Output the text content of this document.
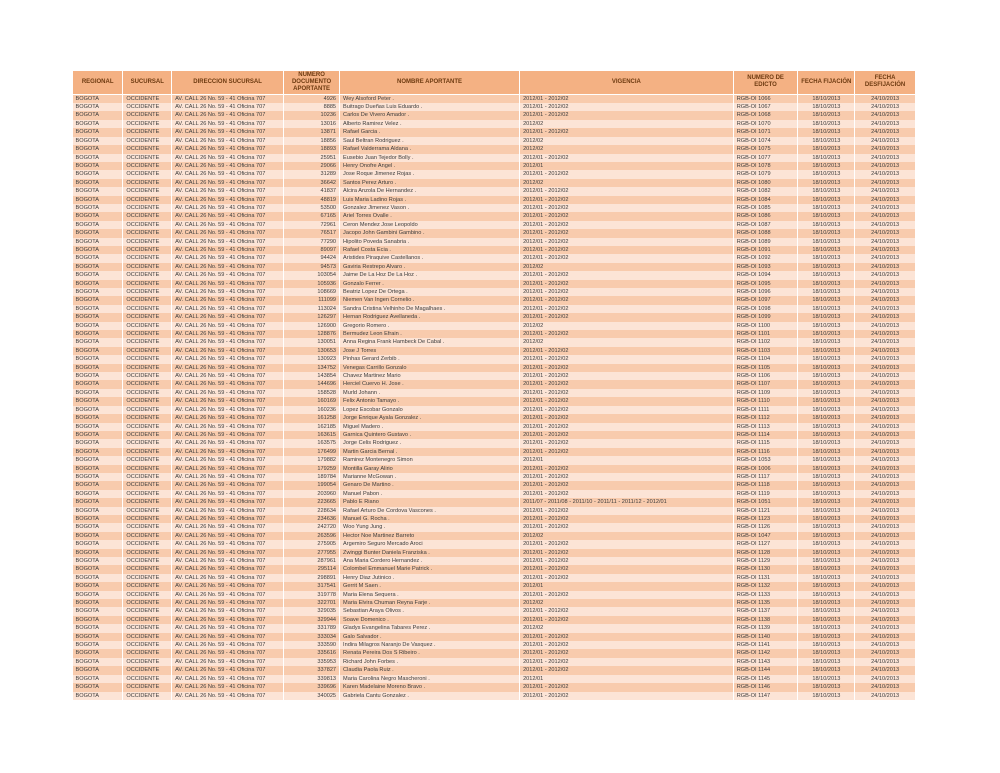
REGIONAL	SUCURSAL	DIRECCION SUCURSAL	NUMERO DOCUMENTO APORTANTE	NOMBRE APORTANTE	VIGENCIA	NUMERO DE EDICTO	FECHA FIJACIÓN	FECHA DESFIJACIÓN
BOGOTA	OCCIDENTE	AV. CALL 26 No. 59 - 41 Oficina 707	4926	Wey Alsoford Peter .	2012/01 - 2012/02	RGB-OI 1066	18/10/2013	24/10/2013
BOGOTA	OCCIDENTE	AV. CALL 26 No. 59 - 41 Oficina 707	8885	Buitrago Dueñas Luis Eduardo .	2012/01 - 2012/02	RGB-OI 1067	18/10/2013	24/10/2013
BOGOTA	OCCIDENTE	AV. CALL 26 No. 59 - 41 Oficina 707	10236	Carlos De Vivero Amador .	2012/01 - 2012/02	RGB-OI 1068	18/10/2013	24/10/2013
BOGOTA	OCCIDENTE	AV. CALL 26 No. 59 - 41 Oficina 707	13016	Alberto Ramirez Velez .	2012/02	RGB-OI 1070	18/10/2013	24/10/2013
BOGOTA	OCCIDENTE	AV. CALL 26 No. 59 - 41 Oficina 707	13871	Rafael Garcia .	2012/01 - 2012/02	RGB-OI 1071	18/10/2013	24/10/2013
BOGOTA	OCCIDENTE	AV. CALL 26 No. 59 - 41 Oficina 707	18856	Saul Beltran Rodriguez .	2012/02	RGB-OI 1074	18/10/2013	24/10/2013
BOGOTA	OCCIDENTE	AV. CALL 26 No. 59 - 41 Oficina 707	18893	Rafael Valderrama Aldana .	2012/02	RGB-OI 1075	18/10/2013	24/10/2013
BOGOTA	OCCIDENTE	AV. CALL 26 No. 59 - 41 Oficina 707	25951	Eusebio Juan Tejedor Bolly .	2012/01 - 2012/02	RGB-OI 1077	18/10/2013	24/10/2013
BOGOTA	OCCIDENTE	AV. CALL 26 No. 59 - 41 Oficina 707	29066	Henry Onofre Angel .	2012/01	RGB-OI 1078	18/10/2013	24/10/2013
BOGOTA	OCCIDENTE	AV. CALL 26 No. 59 - 41 Oficina 707	31289	Jose Roque Jimenez Rojas .	2012/01 - 2012/02	RGB-OI 1079	18/10/2013	24/10/2013
BOGOTA	OCCIDENTE	AV. CALL 26 No. 59 - 41 Oficina 707	36642	Santos Perez Arturo .	2012/02	RGB-OI 1080	18/10/2013	24/10/2013
BOGOTA	OCCIDENTE	AV. CALL 26 No. 59 - 41 Oficina 707	41837	Alcira Anzola De Hernandez .	2012/01 - 2012/02	RGB-OI 1082	18/10/2013	24/10/2013
BOGOTA	OCCIDENTE	AV. CALL 26 No. 59 - 41 Oficina 707	48819	Luis Maria Ladino Rojas .	2012/01 - 2012/02	RGB-OI 1084	18/10/2013	24/10/2013
BOGOTA	OCCIDENTE	AV. CALL 26 No. 59 - 41 Oficina 707	53500	Gonzalez Jimenez Vason .	2012/01 - 2012/02	RGB-OI 1085	18/10/2013	24/10/2013
BOGOTA	OCCIDENTE	AV. CALL 26 No. 59 - 41 Oficina 707	67165	Ariel Torres Ovalle .	2012/01 - 2012/02	RGB-OI 1086	18/10/2013	24/10/2013
BOGOTA	OCCIDENTE	AV. CALL 26 No. 59 - 41 Oficina 707	72961	Ceron Mendez Jose Leopoldo	2012/01 - 2012/02	RGB-OI 1087	18/10/2013	24/10/2013
BOGOTA	OCCIDENTE	AV. CALL 26 No. 59 - 41 Oficina 707	76517	Jacopo John Gambini Gambino .	2012/01 - 2012/02	RGB-OI 1088	18/10/2013	24/10/2013
BOGOTA	OCCIDENTE	AV. CALL 26 No. 59 - 41 Oficina 707	77290	Hipolito Poveda Sanabria .	2012/01 - 2012/02	RGB-OI 1089	18/10/2013	24/10/2013
BOGOTA	OCCIDENTE	AV. CALL 26 No. 59 - 41 Oficina 707	89097	Rafael Costa Ecia .	2012/01 - 2012/02	RGB-OI 1091	18/10/2013	24/10/2013
BOGOTA	OCCIDENTE	AV. CALL 26 No. 59 - 41 Oficina 707	94424	Aristides Piraquive Castellanos .	2012/01 - 2012/02	RGB-OI 1092	18/10/2013	24/10/2013
BOGOTA	OCCIDENTE	AV. CALL 26 No. 59 - 41 Oficina 707	94573	Gaviria Restrepo Alvaro .	2012/02	RGB-OI 1093	18/10/2013	24/10/2013
BOGOTA	OCCIDENTE	AV. CALL 26 No. 59 - 41 Oficina 707	103054	Jaime De La Hoz De La Hoz .	2012/01 - 2012/02	RGB-OI 1094	18/10/2013	24/10/2013
BOGOTA	OCCIDENTE	AV. CALL 26 No. 59 - 41 Oficina 707	105936	Gonzalo Ferrer .	2012/01 - 2012/02	RGB-OI 1095	18/10/2013	24/10/2013
BOGOTA	OCCIDENTE	AV. CALL 26 No. 59 - 41 Oficina 707	108669	Beatriz Lopez De Ortega .	2012/01 - 2012/02	RGB-OI 1096	18/10/2013	24/10/2013
BOGOTA	OCCIDENTE	AV. CALL 26 No. 59 - 41 Oficina 707	111099	Niemen Van Ingen Cornelio .	2012/01 - 2012/02	RGB-OI 1097	18/10/2013	24/10/2013
BOGOTA	OCCIDENTE	AV. CALL 26 No. 59 - 41 Oficina 707	113024	Sandra Cristina Velhinho De Magalhaes .	2012/01 - 2012/02	RGB-OI 1098	18/10/2013	24/10/2013
BOGOTA	OCCIDENTE	AV. CALL 26 No. 59 - 41 Oficina 707	126297	Hernan Rodriguez Avellaneda .	2012/01 - 2012/02	RGB-OI 1099	18/10/2013	24/10/2013
BOGOTA	OCCIDENTE	AV. CALL 26 No. 59 - 41 Oficina 707	126900	Gregorio Romero .	2012/02	RGB-OI 1100	18/10/2013	24/10/2013
BOGOTA	OCCIDENTE	AV. CALL 26 No. 59 - 41 Oficina 707	128876	Bermudez Leon Efrain .	2012/01 - 2012/02	RGB-OI 1101	18/10/2013	24/10/2013
BOGOTA	OCCIDENTE	AV. CALL 26 No. 59 - 41 Oficina 707	130051	Anna Regina Frank Hambeck De Cabal .	2012/02	RGB-OI 1102	18/10/2013	24/10/2013
BOGOTA	OCCIDENTE	AV. CALL 26 No. 59 - 41 Oficina 707	130653	Jose J Torres	2012/01 - 2012/02	RGB-OI 1103	18/10/2013	24/10/2013
BOGOTA	OCCIDENTE	AV. CALL 26 No. 59 - 41 Oficina 707	130923	Pinhas Gerard Zerbib .	2012/01 - 2012/02	RGB-OI 1104	18/10/2013	24/10/2013
BOGOTA	OCCIDENTE	AV. CALL 26 No. 59 - 41 Oficina 707	134752	Venegas Carrillo Gonzalo	2012/01 - 2012/02	RGB-OI 1105	18/10/2013	24/10/2013
BOGOTA	OCCIDENTE	AV. CALL 26 No. 59 - 41 Oficina 707	143854	Chavez Martinez Mario	2012/01 - 2012/02	RGB-OI 1106	18/10/2013	24/10/2013
BOGOTA	OCCIDENTE	AV. CALL 26 No. 59 - 41 Oficina 707	144696	Herciel Cuervo H. Jose .	2012/01 - 2012/02	RGB-OI 1107	18/10/2013	24/10/2013
BOGOTA	OCCIDENTE	AV. CALL 26 No. 59 - 41 Oficina 707	158528	Murld Johann .	2012/01 - 2012/02	RGB-OI 1109	18/10/2013	24/10/2013
BOGOTA	OCCIDENTE	AV. CALL 26 No. 59 - 41 Oficina 707	160169	Felix Antonio Tamayo .	2012/01 - 2012/02	RGB-OI 1110	18/10/2013	24/10/2013
BOGOTA	OCCIDENTE	AV. CALL 26 No. 59 - 41 Oficina 707	160236	Lopez Escobar Gonzalo	2012/01 - 2012/02	RGB-OI 1111	18/10/2013	24/10/2013
BOGOTA	OCCIDENTE	AV. CALL 26 No. 59 - 41 Oficina 707	161258	Jorge Enrique Ayala Gonzalez .	2012/01 - 2012/02	RGB-OI 1112	18/10/2013	24/10/2013
BOGOTA	OCCIDENTE	AV. CALL 26 No. 59 - 41 Oficina 707	162185	Miguel Madero .	2012/01 - 2012/02	RGB-OI 1113	18/10/2013	24/10/2013
BOGOTA	OCCIDENTE	AV. CALL 26 No. 59 - 41 Oficina 707	163615	Garnica Quintero Gustavo .	2012/01 - 2012/02	RGB-OI 1114	18/10/2013	24/10/2013
BOGOTA	OCCIDENTE	AV. CALL 26 No. 59 - 41 Oficina 707	163575	Jorge Celis Rodriguez .	2012/01 - 2012/02	RGB-OI 1115	18/10/2013	24/10/2013
BOGOTA	OCCIDENTE	AV. CALL 26 No. 59 - 41 Oficina 707	176499	Martin Garcia Bernal .	2012/01 - 2012/02	RGB-OI 1116	18/10/2013	24/10/2013
BOGOTA	OCCIDENTE	AV. CALL 26 No. 59 - 41 Oficina 707	179882	Ramirez Montenegro Simon	2012/01	RGB-OI 1053	18/10/2013	24/10/2013
BOGOTA	OCCIDENTE	AV. CALL 26 No. 59 - 41 Oficina 707	179259	Montilla Garay Alirio	2012/01 - 2012/02	RGB-OI 1006	18/10/2013	24/10/2013
BOGOTA	OCCIDENTE	AV. CALL 26 No. 59 - 41 Oficina 707	189784	Marianne McGowan .	2012/01 - 2012/02	RGB-OI 1117	18/10/2013	24/10/2013
BOGOTA	OCCIDENTE	AV. CALL 26 No. 59 - 41 Oficina 707	199054	Genaro De Martino .	2012/01 - 2012/02	RGB-OI 1118	18/10/2013	24/10/2013
BOGOTA	OCCIDENTE	AV. CALL 26 No. 59 - 41 Oficina 707	203960	Manuel Pabon .	2012/01 - 2012/02	RGB-OI 1119	18/10/2013	24/10/2013
BOGOTA	OCCIDENTE	AV. CALL 26 No. 59 - 41 Oficina 707	223665	Pablo E Riano	2011/07 - 2011/08 - 2011/10 - 2011/11 - 2011/12 - 2012/01	RGB-OI 1051	18/10/2013	24/10/2013
BOGOTA	OCCIDENTE	AV. CALL 26 No. 59 - 41 Oficina 707	228634	Rafael Arturo De Cordova Vascones .	2012/01 - 2012/02	RGB-OI 1121	18/10/2013	24/10/2013
BOGOTA	OCCIDENTE	AV. CALL 26 No. 59 - 41 Oficina 707	234636	Manuel G. Rocha .	2012/01 - 2012/02	RGB-OI 1123	18/10/2013	24/10/2013
BOGOTA	OCCIDENTE	AV. CALL 26 No. 59 - 41 Oficina 707	242720	Woo Yung Jung .	2012/01 - 2012/02	RGB-OI 1126	18/10/2013	24/10/2013
BOGOTA	OCCIDENTE	AV. CALL 26 No. 59 - 41 Oficina 707	263596	Hector Noe Martinez Barreto	2012/02	RGB-OI 1047	18/10/2013	24/10/2013
BOGOTA	OCCIDENTE	AV. CALL 26 No. 59 - 41 Oficina 707	275905	Argemiro Seguro Mercado Aroci	2012/01 - 2012/02	RGB-OI 1127	18/10/2013	24/10/2013
BOGOTA	OCCIDENTE	AV. CALL 26 No. 59 - 41 Oficina 707	277955	Zwinggi Bunter Daniela Franziska .	2012/01 - 2012/02	RGB-OI 1128	18/10/2013	24/10/2013
BOGOTA	OCCIDENTE	AV. CALL 26 No. 59 - 41 Oficina 707	287961	Ana Maria Cordero Hernandez .	2012/01 - 2012/02	RGB-OI 1129	18/10/2013	24/10/2013
BOGOTA	OCCIDENTE	AV. CALL 26 No. 59 - 41 Oficina 707	295114	Colombel Emmanuel Marie Patrick .	2012/01 - 2012/02	RGB-OI 1130	18/10/2013	24/10/2013
BOGOTA	OCCIDENTE	AV. CALL 26 No. 59 - 41 Oficina 707	298891	Henry Diaz Jutinico .	2012/01 - 2012/02	RGB-OI 1131	18/10/2013	24/10/2013
BOGOTA	OCCIDENTE	AV. CALL 26 No. 59 - 41 Oficina 707	317541	Gerrit M Saen .	2012/01	RGB-OI 1132	18/10/2013	24/10/2013
BOGOTA	OCCIDENTE	AV. CALL 26 No. 59 - 41 Oficina 707	319778	Maria Elena Sequera .	2012/01 - 2012/02	RGB-OI 1133	18/10/2013	24/10/2013
BOGOTA	OCCIDENTE	AV. CALL 26 No. 59 - 41 Oficina 707	322701	Maria Elvira Chuman Reyna Farje .	2012/02	RGB-OI 1135	18/10/2013	24/10/2013
BOGOTA	OCCIDENTE	AV. CALL 26 No. 59 - 41 Oficina 707	329035	Sebastian Araya Olivos .	2012/01 - 2012/02	RGB-OI 1137	18/10/2013	24/10/2013
BOGOTA	OCCIDENTE	AV. CALL 26 No. 59 - 41 Oficina 707	329944	Soave Domenico .	2012/01 - 2012/02	RGB-OI 1138	18/10/2013	24/10/2013
BOGOTA	OCCIDENTE	AV. CALL 26 No. 59 - 41 Oficina 707	331789	Gladys Evangelina Tabares Perez .	2012/02	RGB-OI 1139	18/10/2013	24/10/2013
BOGOTA	OCCIDENTE	AV. CALL 26 No. 59 - 41 Oficina 707	333034	Galo Salvador .	2012/01 - 2012/02	RGB-OI 1140	18/10/2013	24/10/2013
BOGOTA	OCCIDENTE	AV. CALL 26 No. 59 - 41 Oficina 707	333590	Indira Milagros Naranjo De Vasquez .	2012/01 - 2012/02	RGB-OI 1141	18/10/2013	24/10/2013
BOGOTA	OCCIDENTE	AV. CALL 26 No. 59 - 41 Oficina 707	335616	Renata Pereira Dos S Ribeiro .	2012/01 - 2012/02	RGB-OI 1142	18/10/2013	24/10/2013
BOGOTA	OCCIDENTE	AV. CALL 26 No. 59 - 41 Oficina 707	335953	Richard John Forbes .	2012/01 - 2012/02	RGB-OI 1143	18/10/2013	24/10/2013
BOGOTA	OCCIDENTE	AV. CALL 26 No. 59 - 41 Oficina 707	337827	Claudia Paola Ruiz .	2012/01 - 2012/02	RGB-OI 1144	18/10/2013	24/10/2013
BOGOTA	OCCIDENTE	AV. CALL 26 No. 59 - 41 Oficina 707	339813	Maria Carolina Negro Mascheroni .	2012/01	RGB-OI 1145	18/10/2013	24/10/2013
BOGOTA	OCCIDENTE	AV. CALL 26 No. 59 - 41 Oficina 707	339696	Karen Madelaine Moreno Bravo .	2012/01 - 2012/02	RGB-OI 1146	18/10/2013	24/10/2013
BOGOTA	OCCIDENTE	AV. CALL 26 No. 59 - 41 Oficina 707	340025	Gabriela Cantu Gonzalez .	2012/01 - 2012/02	RGB-OI 1147	18/10/2013	24/10/2013
